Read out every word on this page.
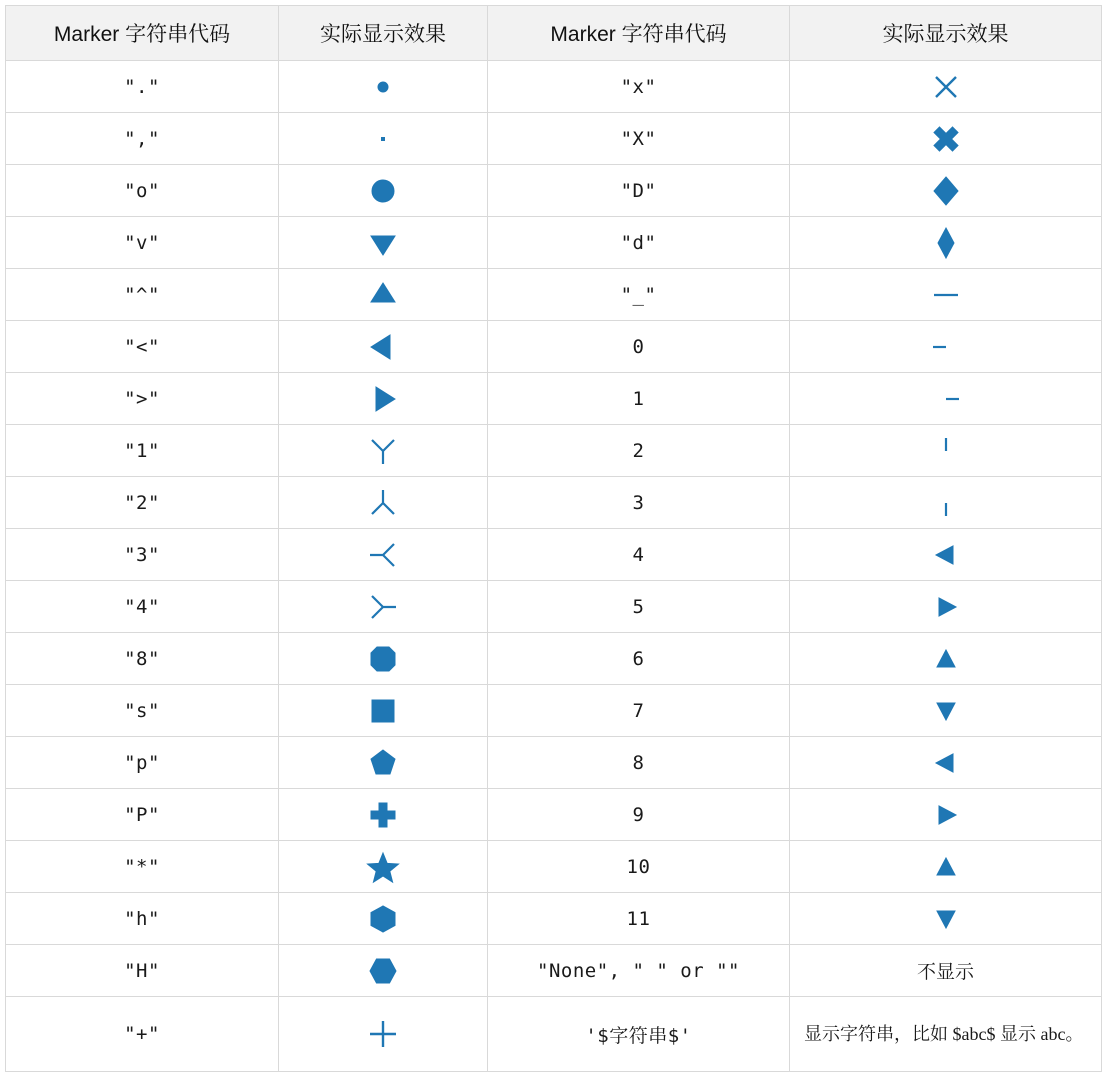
Marker 字符串代码	实际显示效果	Marker 字符串代码	实际显示效果
"."		"x"	

","		"X"	

"o"		"D"	

"v"		"d"	

"^"		"_"	

"<"		0	

">"		1	

"1"		2	

"2"		3	

"3"		4	

"4"		5	

"8"		6	

"s"		7	

"p"		8	

"P"		9	

"*"		10	

"h"		11	

"H"		"None", " " or ""	不显示
"+"		'$字符串$'	显示字符串，比如 $abc$ 显示 abc。
